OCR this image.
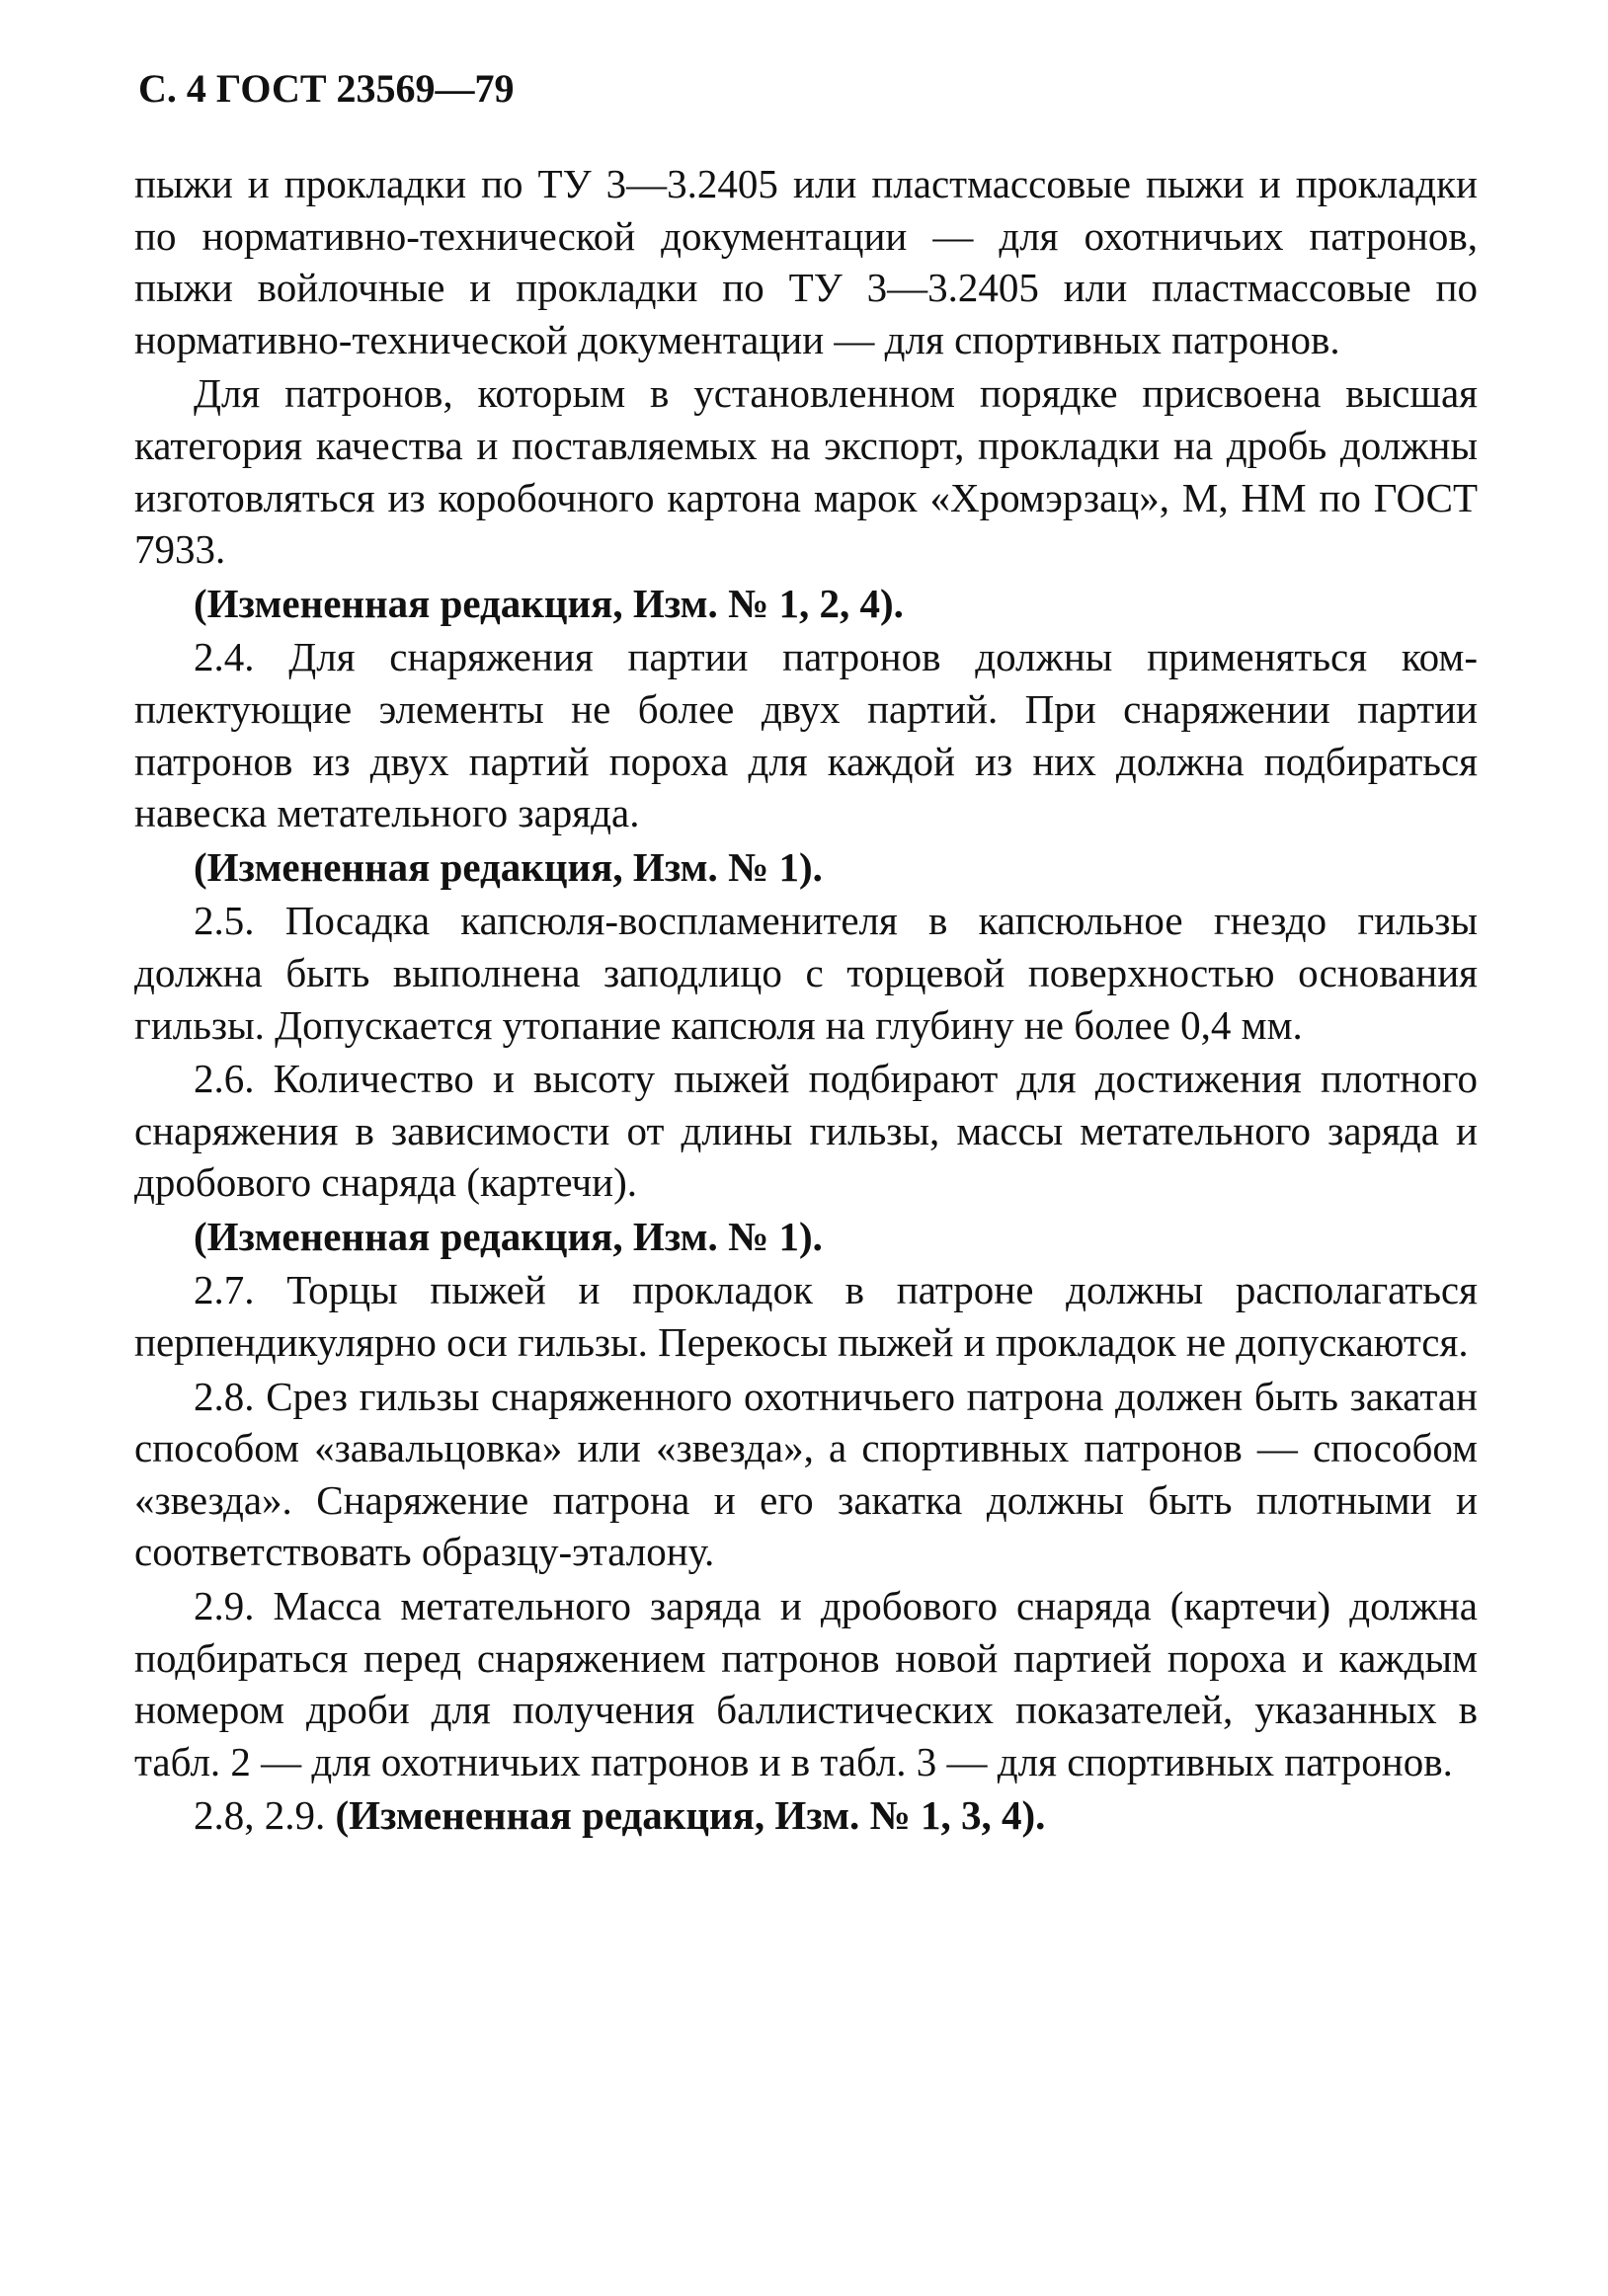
С. 4 ГОСТ 23569—79

пыжи и прокладки по ТУ 3—3.2405 или пластмассовые пыжи и прокладки по нормативно-технической документации — для охотничьих патронов, пыжи войлочные и прокладки по ТУ 3—3.2405 или пластмассовые по нормативно-технической документации — для спортивных патронов.

Для патронов, которым в установленном порядке присвоена высшая категория качества и поставляемых на экспорт, прокладки на дробь должны изготовляться из коробочного картона марок «Хромэрзац», М, НМ по ГОСТ 7933.

(Измененная редакция, Изм. № 1, 2, 4).

2.4. Для снаряжения партии патронов должны применяться комплектующие элементы не более двух партий. При снаряжении партии патронов из двух партий пороха для каждой из них должна подбираться навеска метательного заряда.

(Измененная редакция, Изм. № 1).

2.5. Посадка капсюля-воспламенителя в капсюльное гнездо гильзы должна быть выполнена заподлицо с торцевой поверхностью основания гильзы. Допускается утопание капсюля на глубину не более 0,4 мм.

2.6. Количество и высоту пыжей подбирают для достижения плотного снаряжения в зависимости от длины гильзы, массы метательного заряда и дробового снаряда (картечи).

(Измененная редакция, Изм. № 1).

2.7. Торцы пыжей и прокладок в патроне должны располагаться перпендикулярно оси гильзы. Перекосы пыжей и прокладок не допускаются.

2.8. Срез гильзы снаряженного охотничьего патрона должен быть закатан способом «завальцовка» или «звезда», а спортивных патронов — способом «звезда». Снаряжение патрона и его закатка должны быть плотными и соответствовать образцу-эталону.

2.9. Масса метательного заряда и дробового снаряда (картечи) должна подбираться перед снаряжением патронов новой партией пороха и каждым номером дроби для получения баллистических показателей, указанных в табл. 2 — для охотничьих патронов и в табл. 3 — для спортивных патронов.

2.8, 2.9. (Измененная редакция, Изм. № 1, 3, 4).
